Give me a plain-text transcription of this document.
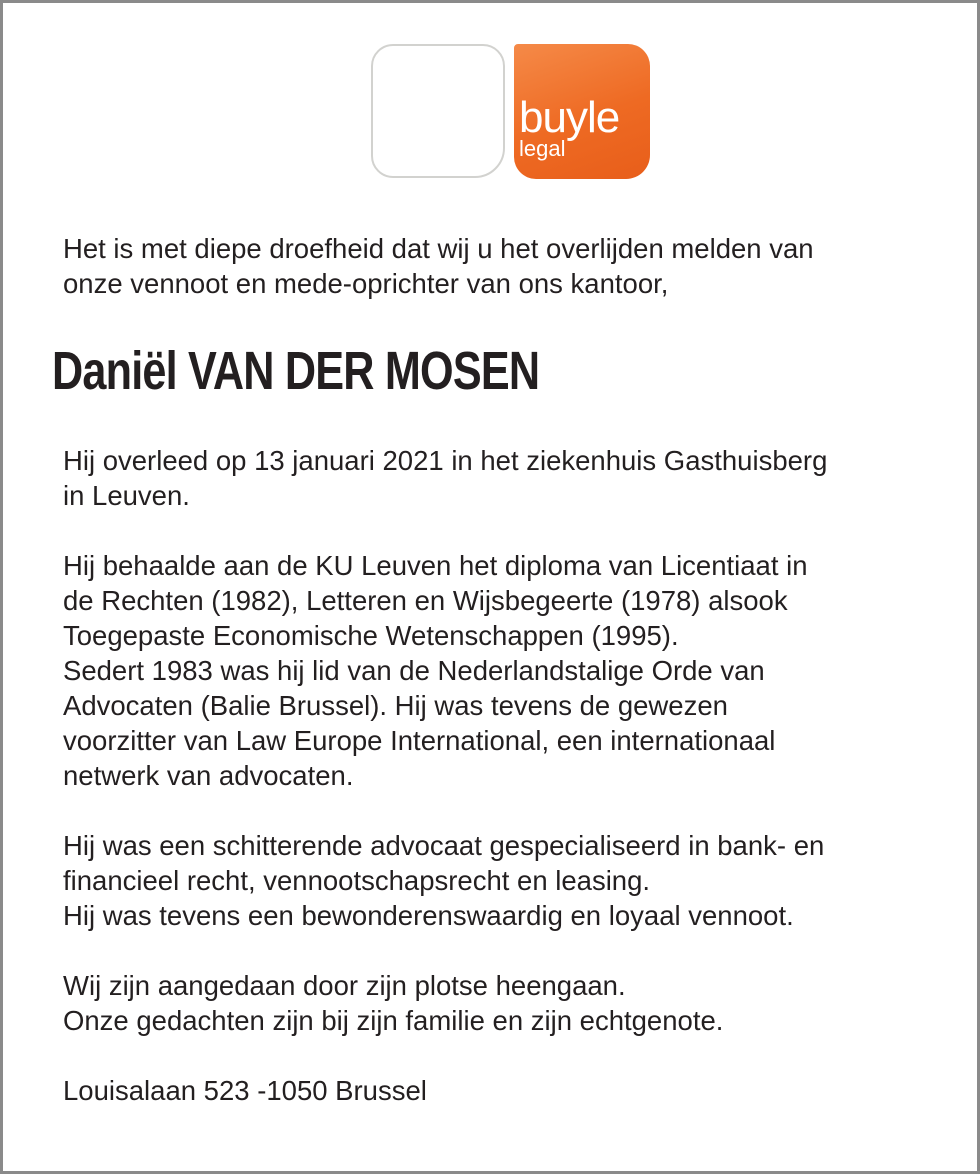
buyle
legal

Het is met diepe droefheid dat wij u het overlijden melden van

onze vennoot en mede-oprichter van ons kantoor,

Daniël VAN DER MOSEN

Hij overleed op 13 januari 2021 in het ziekenhuis Gasthuisberg

in Leuven.

Hij behaalde aan de KU Leuven het diploma van Licentiaat in

de Rechten (1982), Letteren en Wijsbegeerte (1978) alsook

Toegepaste Economische Wetenschappen (1995).

Sedert 1983 was hij lid van de Nederlandstalige Orde van

Advocaten (Balie Brussel). Hij was tevens de gewezen

voorzitter van Law Europe International, een internationaal

netwerk van advocaten.

Hij was een schitterende advocaat gespecialiseerd in bank- en

financieel recht, vennootschapsrecht en leasing.

Hij was tevens een bewonderenswaardig en loyaal vennoot.

Wij zijn aangedaan door zijn plotse heengaan.

Onze gedachten zijn bij zijn familie en zijn echtgenote.

Louisalaan 523 -1050 Brussel
